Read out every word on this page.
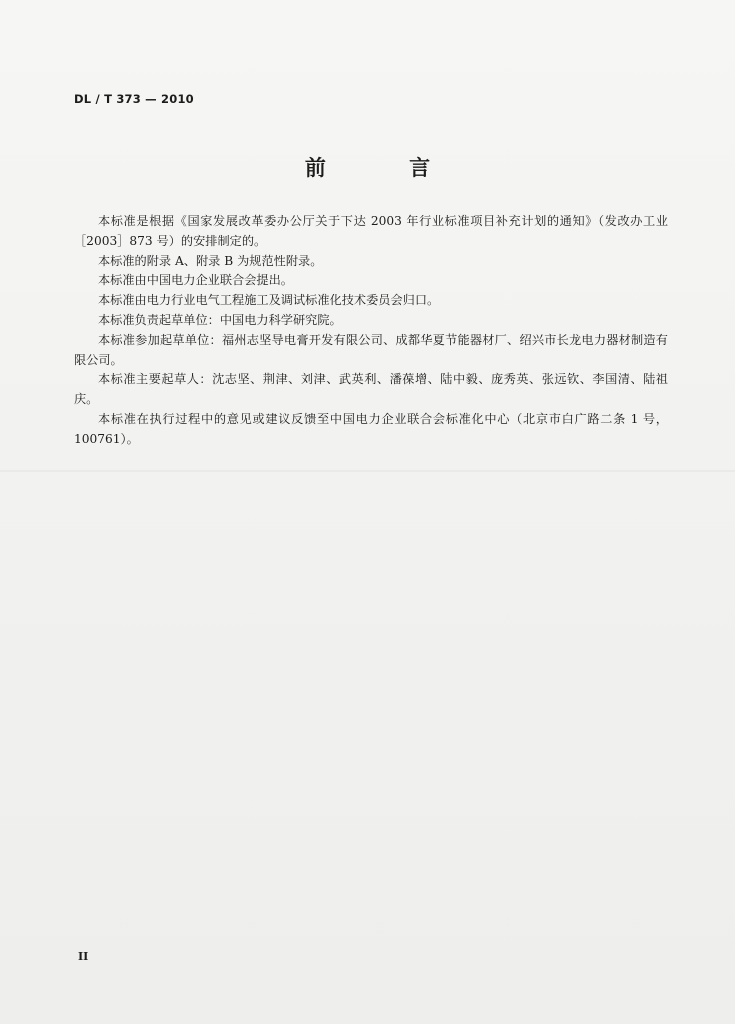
DL / T 373 — 2010
前 言

本标准是根据《国家发展改革委办公厅关于下达 2003 年行业标准项目补充计划的通知》（发改办工业［2003］873 号）的安排制定的。

本标准的附录 A、附录 B 为规范性附录。

本标准由中国电力企业联合会提出。

本标准由电力行业电气工程施工及调试标准化技术委员会归口。

本标准负责起草单位：中国电力科学研究院。

本标准参加起草单位：福州志坚导电膏开发有限公司、成都华夏节能器材厂、绍兴市长龙电力器材制造有限公司。

本标准主要起草人：沈志坚、荆津、刘津、武英利、潘葆增、陆中毅、庞秀英、张远钦、李国清、陆祖庆。

本标准在执行过程中的意见或建议反馈至中国电力企业联合会标准化中心（北京市白广路二条 1 号，100761）。

II
